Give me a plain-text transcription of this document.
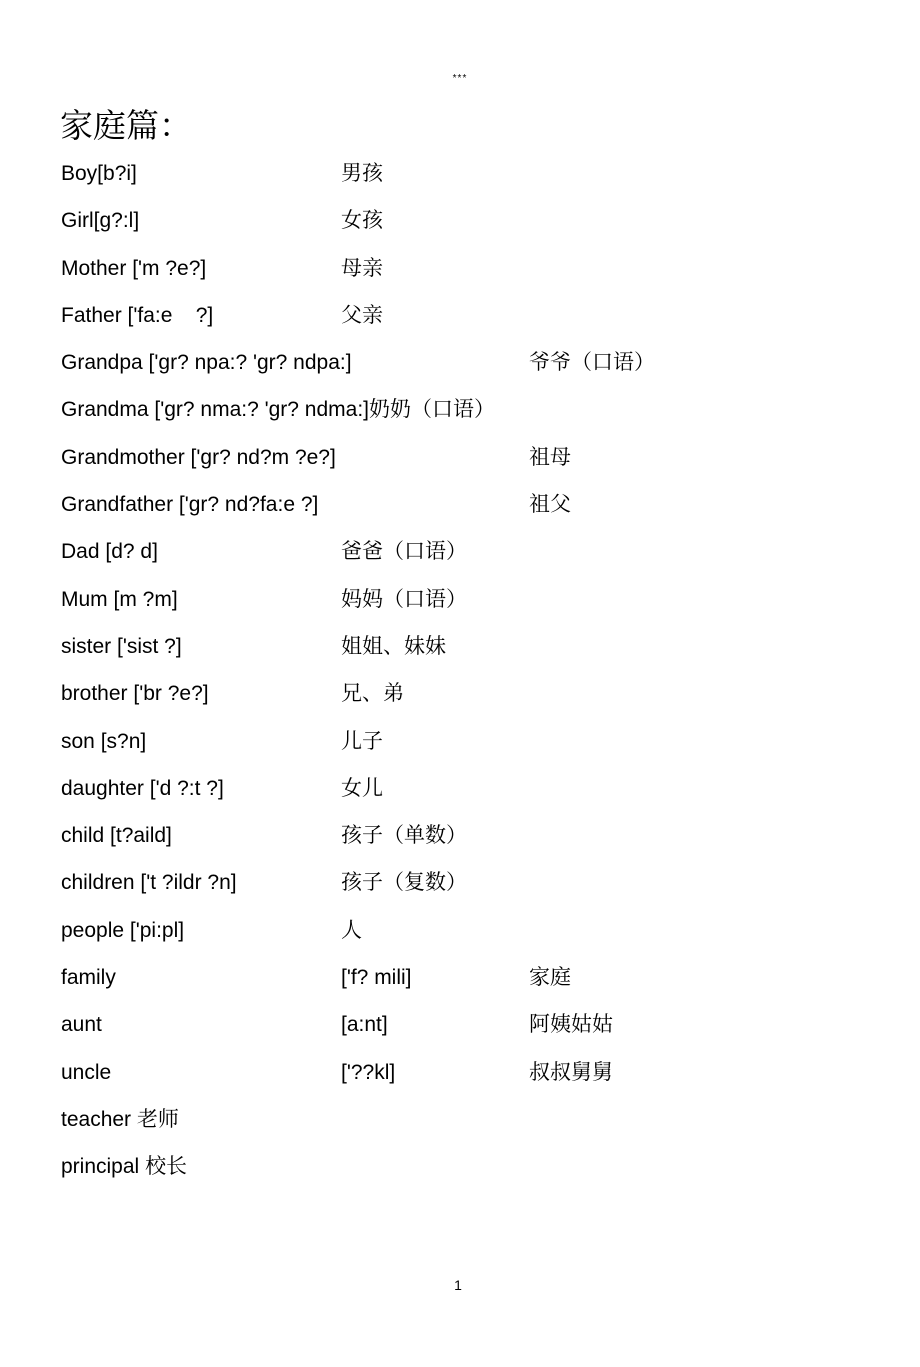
***
家庭篇：
Boy[b?i]	男孩
Girl[g?:l]	女孩
Mother ['m ?e?]	母亲
Father ['fa:e    ?]	父亲
Grandpa ['gr? npa:? 'gr? ndpa:]	爷爷（口语）
Grandma ['gr? nma:? 'gr? ndma:]奶奶（口语）
Grandmother ['gr? nd?m ?e?]	祖母
Grandfather ['gr? nd?fa:e ?]	祖父
Dad [d? d]	爸爸（口语）
Mum [m ?m]	妈妈（口语）
sister ['sist ?]	姐姐、妹妹
brother ['br ?e?]	兄、弟
son [s?n]	儿子
daughter ['d ?:t ?]	女儿
child [t?aild]	孩子（单数）
children ['t ?ildr ?n]	孩子（复数）
people ['pi:pl]	人
family	['f? mili]	家庭
aunt	[a:nt]	阿姨姑姑
uncle	['??kl]	叔叔舅舅
teacher 老师
principal 校长
1
